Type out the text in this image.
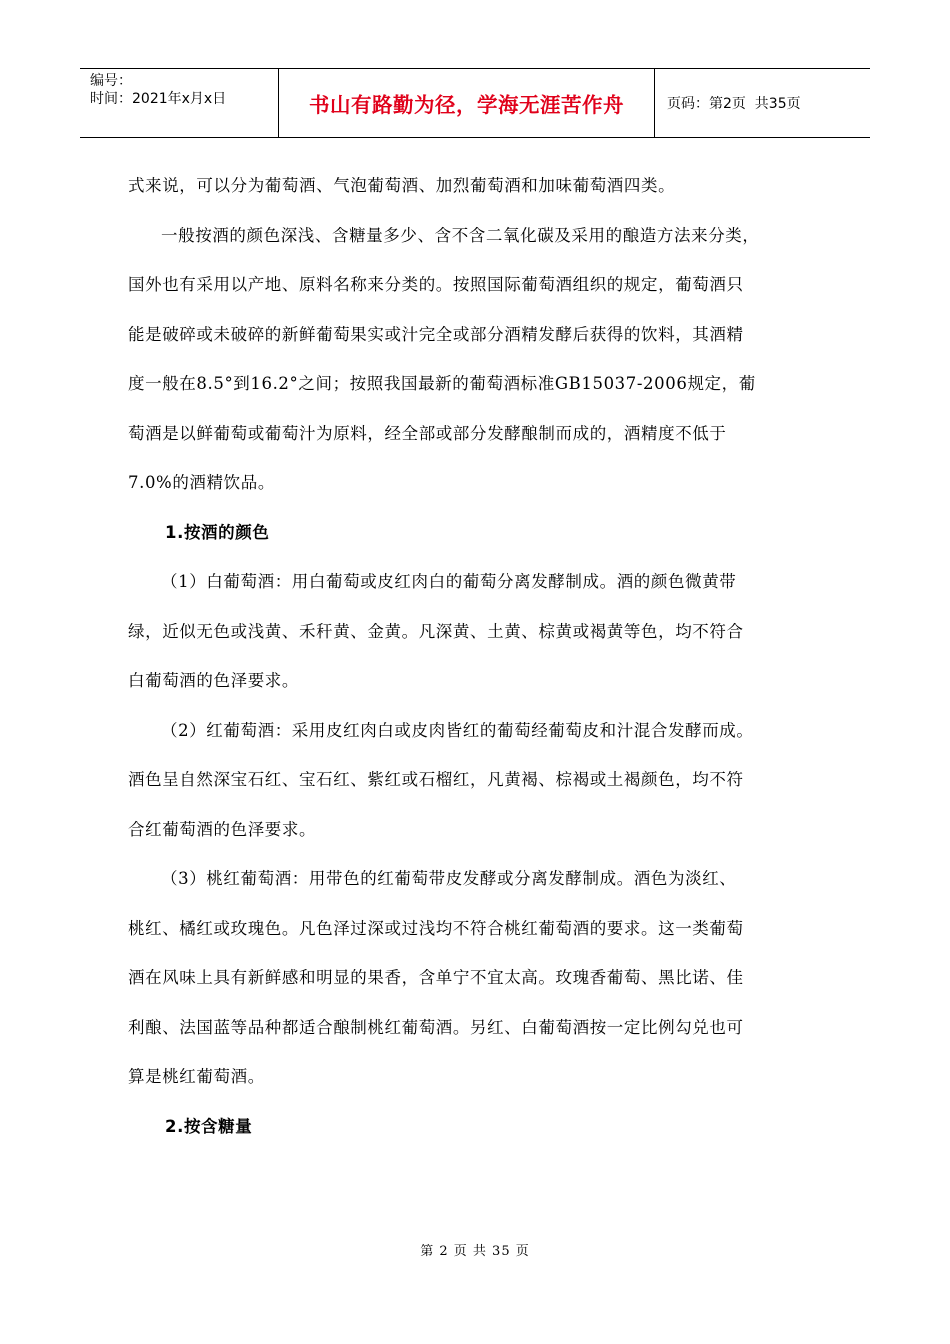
编号：
时间：2021年x月x日	书山有路勤为径，学海无涯苦作舟	页码：第2页  共35页
式来说，可以分为葡萄酒、气泡葡萄酒、加烈葡萄酒和加味葡萄酒四类。
一般按酒的颜色深浅、含糖量多少、含不含二氧化碳及采用的酿造方法来分类，
国外也有采用以产地、原料名称来分类的。按照国际葡萄酒组织的规定，葡萄酒只
能是破碎或未破碎的新鲜葡萄果实或汁完全或部分酒精发酵后获得的饮料，其酒精
度一般在8.5°到16.2°之间；按照我国最新的葡萄酒标准GB15037-2006规定，葡
萄酒是以鲜葡萄或葡萄汁为原料，经全部或部分发酵酿制而成的，酒精度不低于
7.0%的酒精饮品。
1.按酒的颜色
（1）白葡萄酒：用白葡萄或皮红肉白的葡萄分离发酵制成。酒的颜色微黄带
绿，近似无色或浅黄、禾秆黄、金黄。凡深黄、土黄、棕黄或褐黄等色，均不符合
白葡萄酒的色泽要求。
（2）红葡萄酒：采用皮红肉白或皮肉皆红的葡萄经葡萄皮和汁混合发酵而成。
酒色呈自然深宝石红、宝石红、紫红或石榴红，凡黄褐、棕褐或土褐颜色，均不符
合红葡萄酒的色泽要求。
（3）桃红葡萄酒：用带色的红葡萄带皮发酵或分离发酵制成。酒色为淡红、
桃红、橘红或玫瑰色。凡色泽过深或过浅均不符合桃红葡萄酒的要求。这一类葡萄
酒在风味上具有新鲜感和明显的果香，含单宁不宜太高。玫瑰香葡萄、黑比诺、佳
利酿、法国蓝等品种都适合酿制桃红葡萄酒。另红、白葡萄酒按一定比例勾兑也可
算是桃红葡萄酒。
2.按含糖量
第 2 页 共 35 页
